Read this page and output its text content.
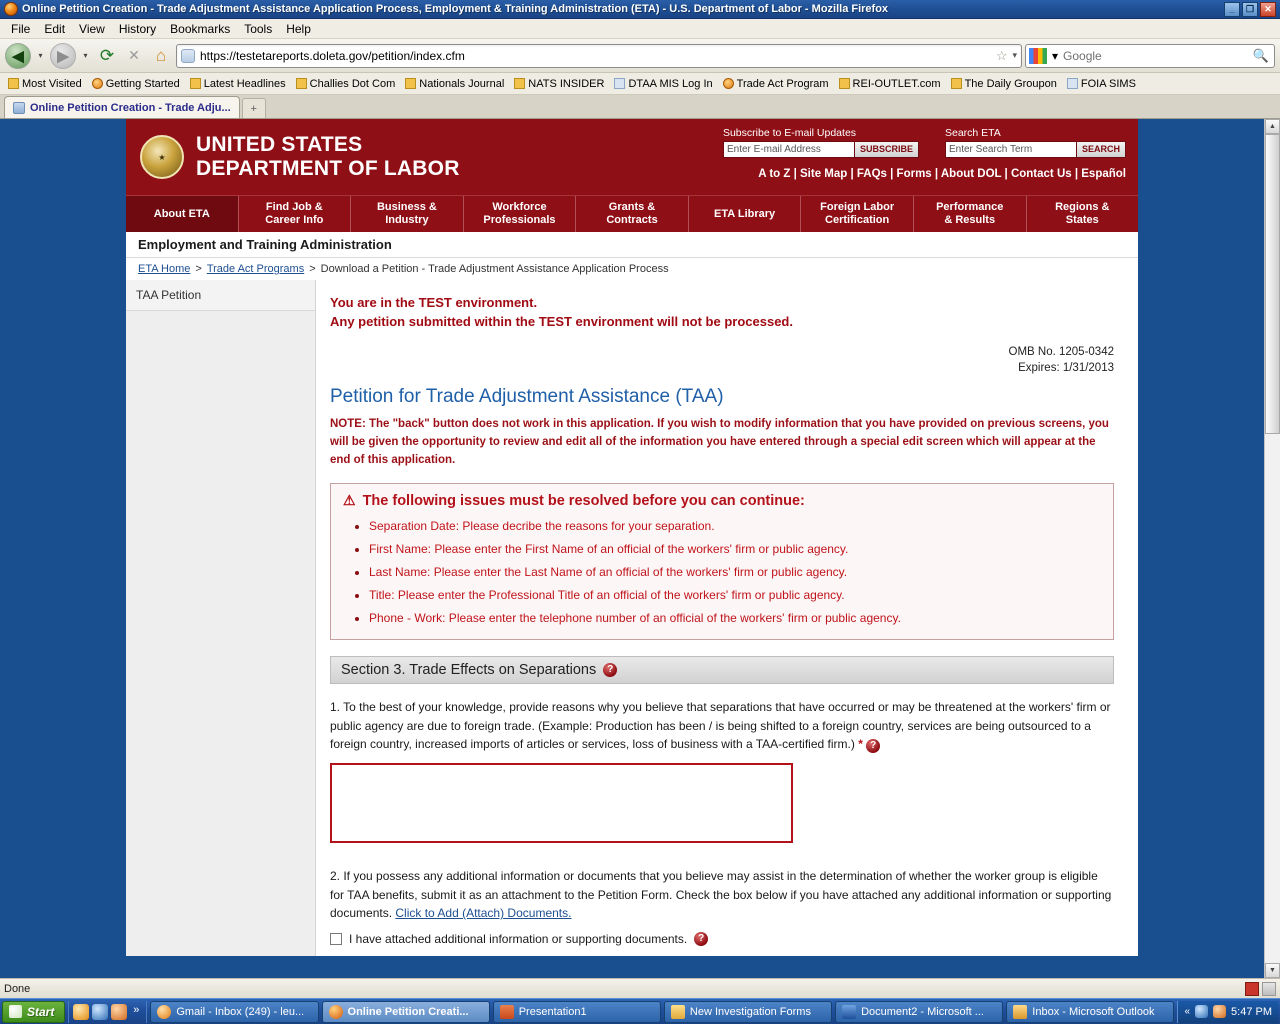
Online Petition Creation - Trade Adjustment Assistance Application Process, Employment & Training Administration (ETA) - U.S. Department of Labor - Mozilla Firefox	_	❐	✕
File	Edit	View	History	Bookmarks	Tools	Help
◀	▾ ▶	▾ ⟳	✕ ⌂	https://testetareports.doleta.gov/petition/index.cfm	☆ ▾	▾ Google	🔍
Most Visited Getting Started Latest Headlines Challies Dot Com Nationals Journal NATS INSIDER DTAA MIS Log In Trade Act Program REI-OUTLET.com The Daily Groupon FOIA SIMS
Online Petition Creation - Trade Adju...	+
★
UNITED STATES
DEPARTMENT OF LABOR
Subscribe to E-mail Updates
Enter E-mail Address	SUBSCRIBE
Search ETA
Enter Search Term	SEARCH
A to Z | Site Map | FAQs | Forms | About DOL | Contact Us | Español
About ETA
Find Job &
Career Info
Business &
Industry
Workforce
Professionals
Grants &
Contracts
ETA Library
Foreign Labor
Certification
Performance
& Results
Regions &
States
Employment and Training Administration
ETA Home > Trade Act Programs > Download a Petition - Trade Adjustment Assistance Application Process
TAA Petition	You are in the TEST environment.
Any petition submitted within the TEST environment will not be processed.
OMB No. 1205-0342
Expires: 1/31/2013
Petition for Trade Adjustment Assistance (TAA)
NOTE: The "back" button does not work in this application. If you wish to modify information that you have provided on previous screens, you will be given the opportunity to review and edit all of the information you have entered through a special edit screen which will appear at the end of this application.
⚠ The following issues must be resolved before you can continue:
• Separation Date: Please decribe the reasons for your separation.
• First Name: Please enter the First Name of an official of the workers' firm or public agency.
• Last Name: Please enter the Last Name of an official of the workers' firm or public agency.
• Title: Please enter the Professional Title of an official of the workers' firm or public agency.
• Phone - Work: Please enter the telephone number of an official of the workers' firm or public agency.
Section 3. Trade Effects on Separations	?
1. To the best of your knowledge, provide reasons why you believe that separations that have occurred or may be threatened at the workers' firm or public agency are due to foreign trade. (Example: Production has been / is being shifted to a foreign country, services are being outsourced to a foreign country, increased imports of articles or services, loss of business with a TAA-certified firm.) * ?
2. If you possess any additional information or documents that you believe may assist in the determination of whether the worker group is eligible for TAA benefits, submit it as an attachment to the Petition Form. Check the box below if you have attached any additional information or supporting documents. Click to Add (Attach) Documents.
I have attached additional information or supporting documents.	?
▲
▼
Done
Start	»	Gmail - Inbox (249) - leu...	Online Petition Creati...	Presentation1	New Investigation Forms	Document2 - Microsoft ...	Inbox - Microsoft Outlook	«	5:47 PM
